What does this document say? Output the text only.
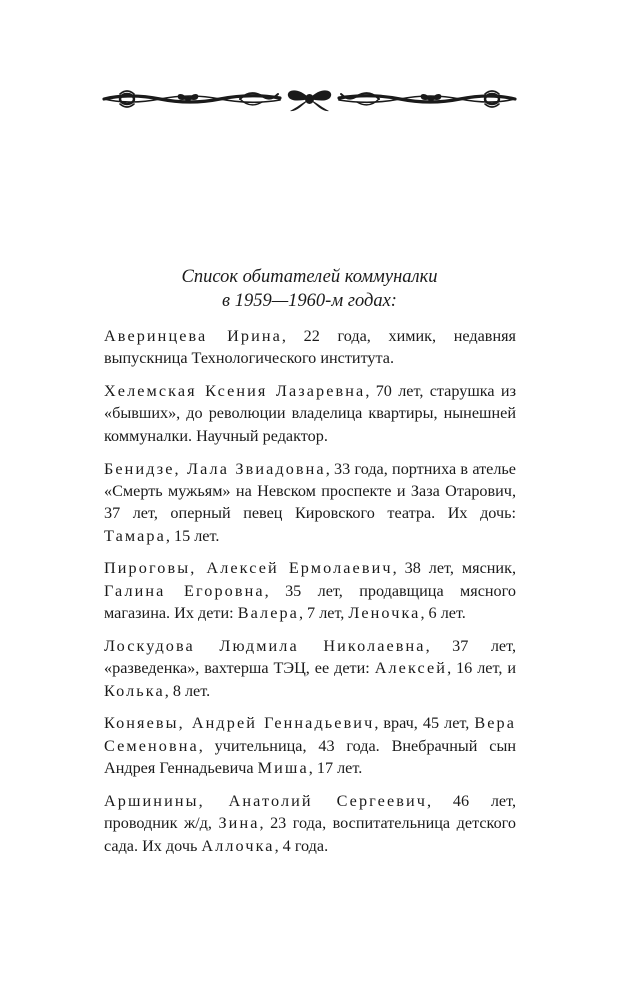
Список обитателей коммуналки
в 1959—1960-м годах:

Аверинцева Ирина, 22 года, химик, недавняя выпускница Технологического института.

Хелемская Ксения Лазаревна, 70 лет, старушка из «бывших», до революции владелица квартиры, нынешней коммуналки. Научный редактор.

Бенидзе, Лала Звиадовна, 33 года, портниха в ателье «Смерть мужьям» на Невском проспекте и Заза Отарович, 37 лет, оперный певец Кировского театра. Их дочь: Тамара, 15 лет.

Пироговы, Алексей Ермолаевич, 38 лет, мясник, Галина Егоровна, 35 лет, продавщица мясного магазина. Их дети: Валера, 7 лет, Леночка, 6 лет.

Лоскудова Людмила Николаевна, 37 лет, «разведенка», вахтерша ТЭЦ, ее дети: Алексей, 16 лет, и Колька, 8 лет.

Коняевы, Андрей Геннадьевич, врач, 45 лет, Вера Семеновна, учительница, 43 года. Внебрачный сын Андрея Геннадьевича Миша, 17 лет.

Аршинины, Анатолий Сергеевич, 46 лет, проводник ж/д, Зина, 23 года, воспитательница детского сада. Их дочь Аллочка, 4 года.
